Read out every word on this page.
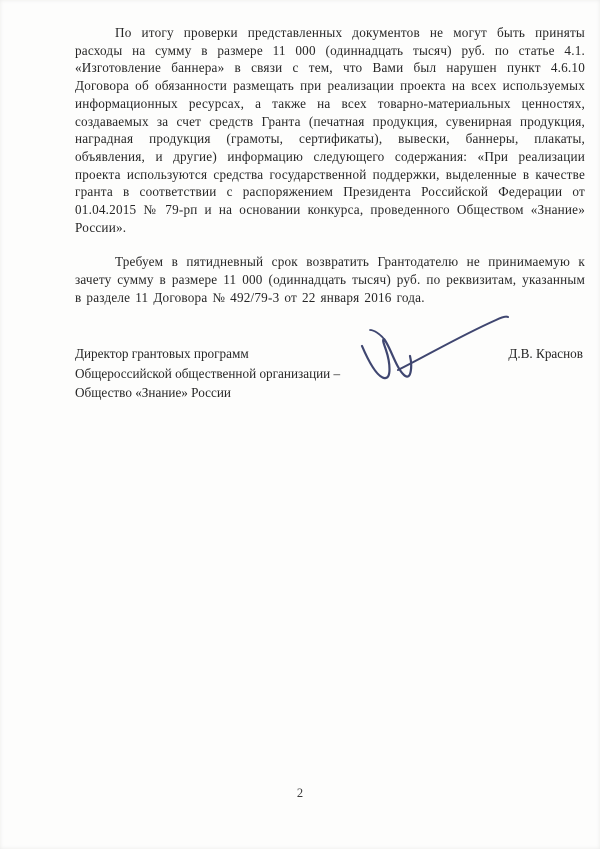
По итогу проверки представленных документов не могут быть приняты расходы на сумму в размере 11 000 (одиннадцать тысяч) руб. по статье 4.1. «Изготовление баннера» в связи с тем, что Вами был нарушен пункт 4.6.10 Договора об обязанности размещать при реализации проекта на всех используемых информационных ресурсах, а также на всех товарно-материальных ценностях, создаваемых за счет средств Гранта (печатная продукция, сувенирная продукция, наградная продукция (грамоты, сертификаты), вывески, баннеры, плакаты, объявления, и другие) информацию следующего содержания: «При реализации проекта используются средства государственной поддержки, выделенные в качестве гранта в соответствии с распоряжением Президента Российской Федерации от 01.04.2015 № 79-рп и на основании конкурса, проведенного Обществом «Знание» России».

Требуем в пятидневный срок возвратить Грантодателю не принимаемую к зачету сумму в размере 11 000 (одиннадцать тысяч) руб. по реквизитам, указанным в разделе 11 Договора № 492/79-3 от 22 января 2016 года.

Директор грантовых программ
Общероссийской общественной организации –
Общество «Знание» России
Д.В. Краснов
2
